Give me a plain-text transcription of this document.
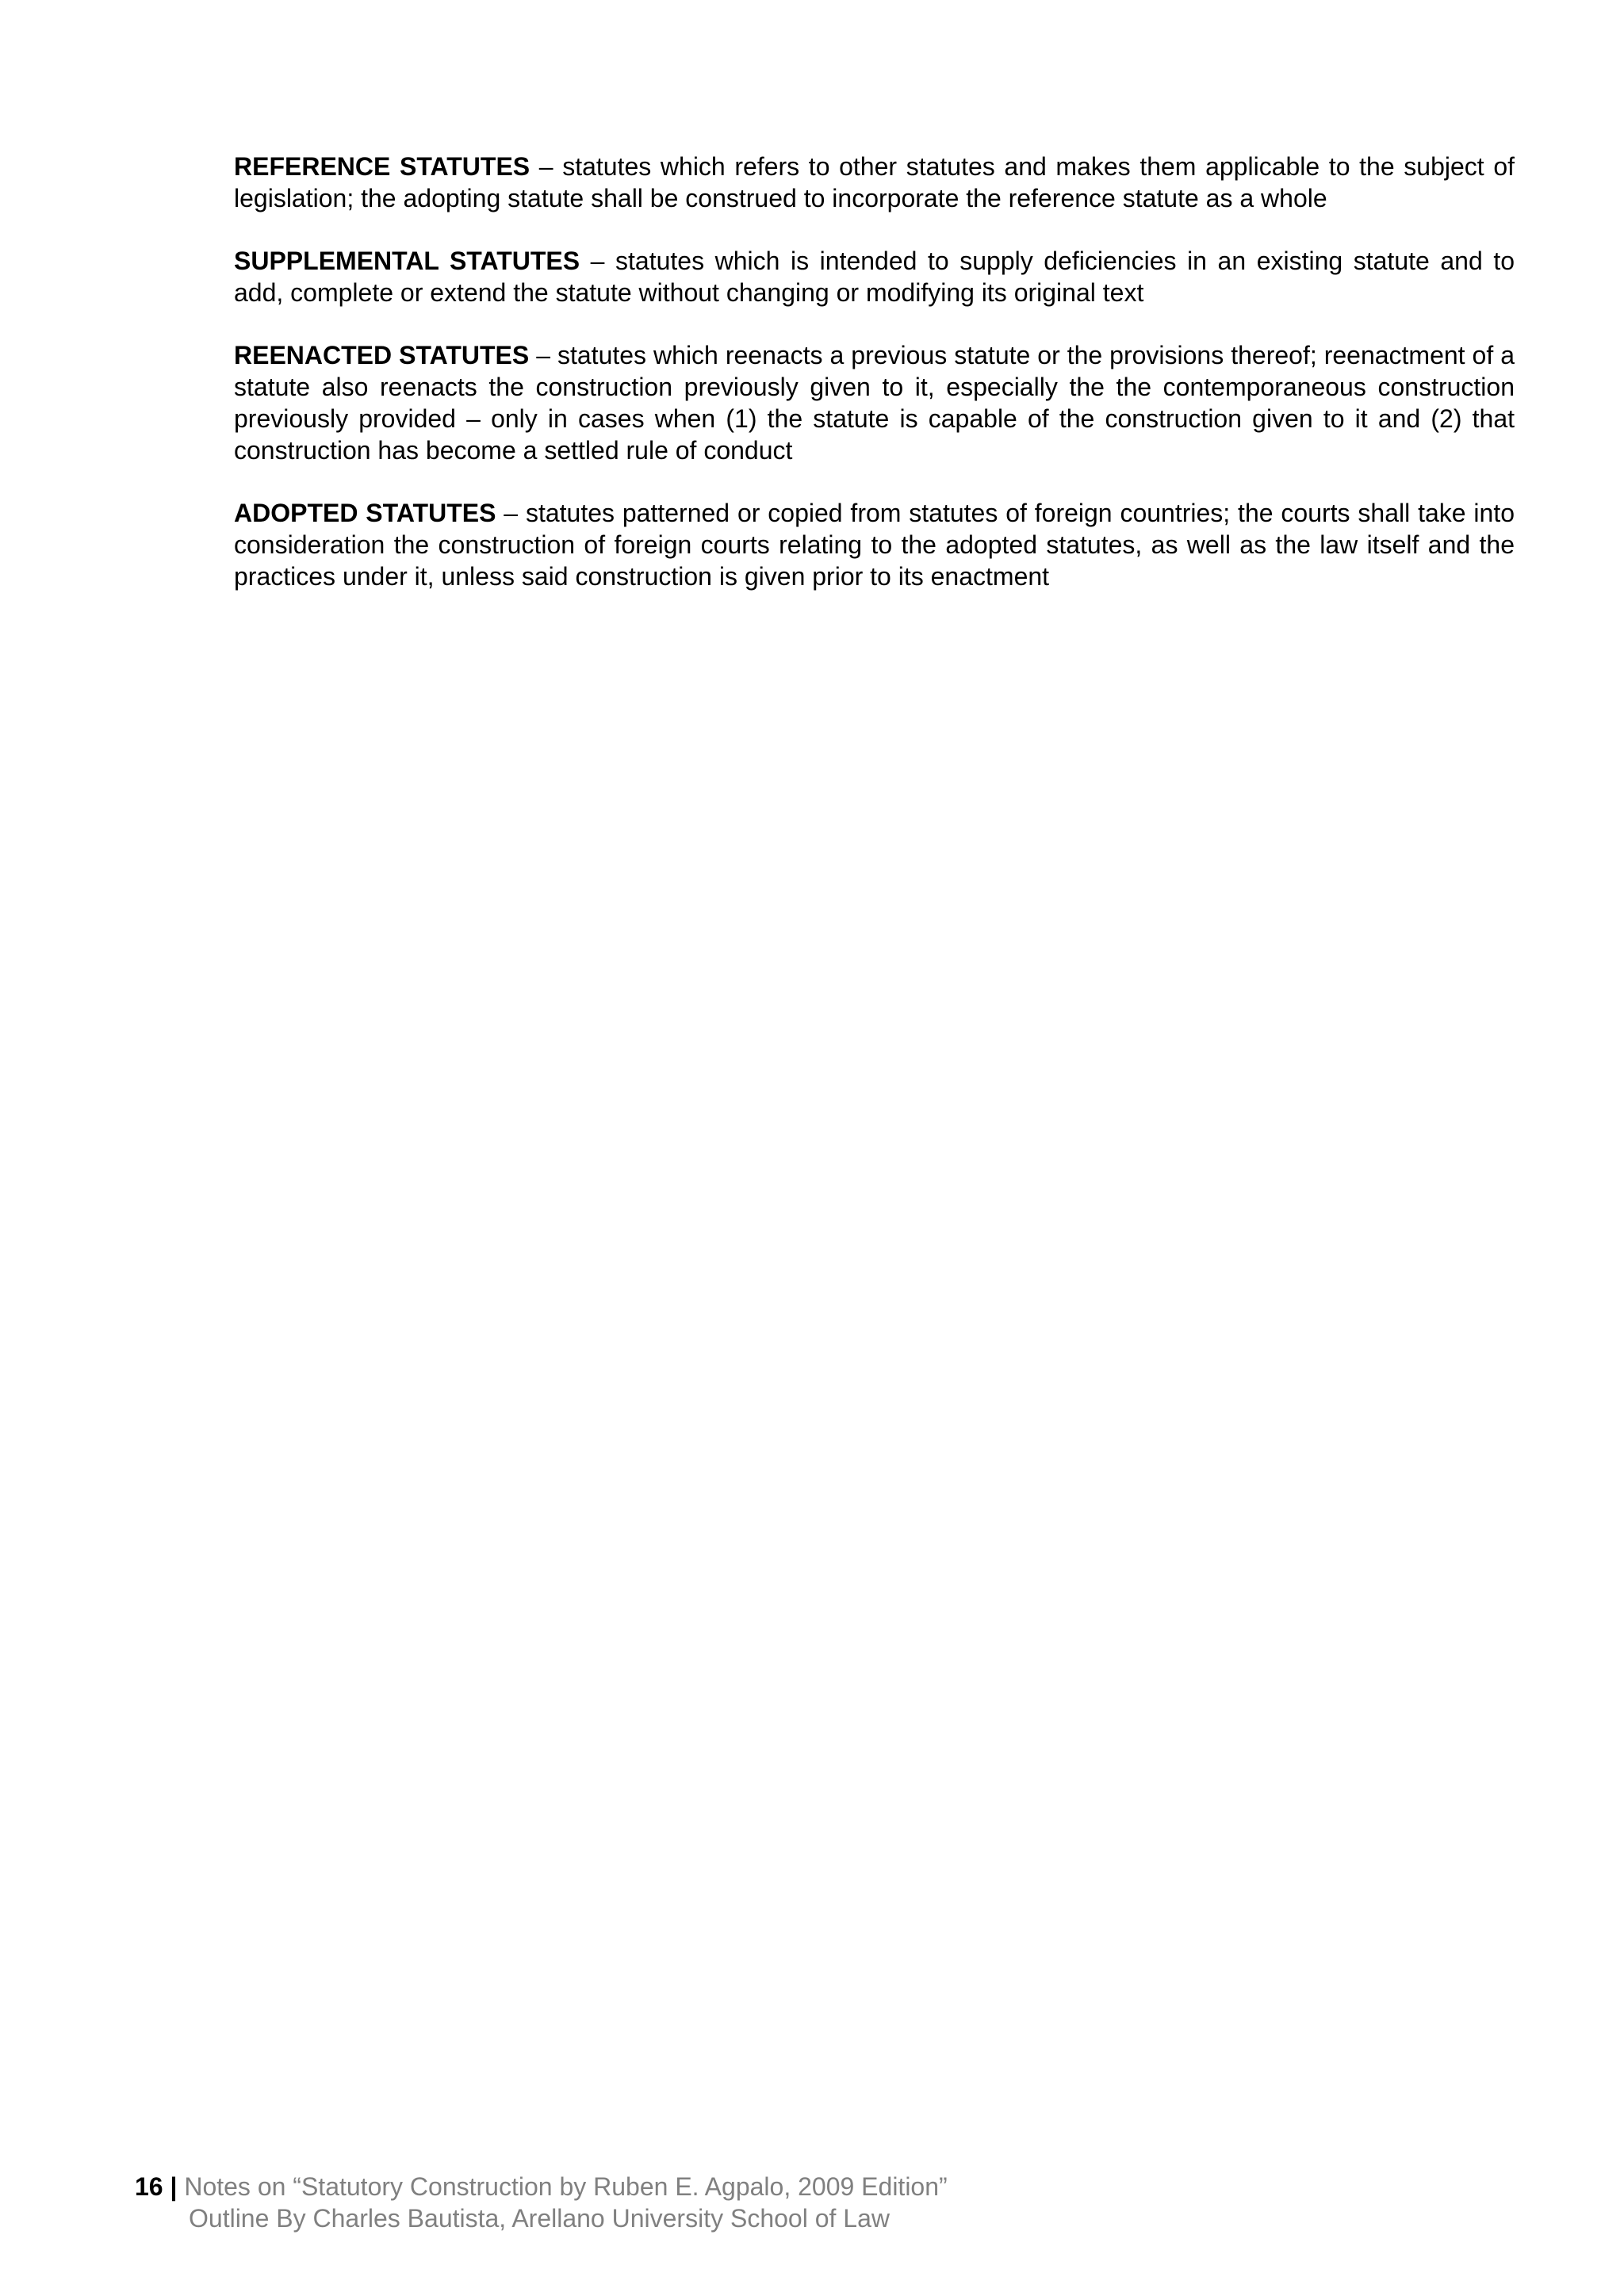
REFERENCE STATUTES – statutes which refers to other statutes and makes them applicable to the subject of legislation; the adopting statute shall be construed to incorporate the reference statute as a whole

SUPPLEMENTAL STATUTES – statutes which is intended to supply deficiencies in an existing statute and to add, complete or extend the statute without changing or modifying its original text

REENACTED STATUTES – statutes which reenacts a previous statute or the provisions thereof; reenactment of a statute also reenacts the construction previously given to it, especially the the contemporaneous construction previously provided – only in cases when (1) the statute is capable of the construction given to it and (2) that construction has become a settled rule of conduct

ADOPTED STATUTES – statutes patterned or copied from statutes of foreign countries; the courts shall take into consideration the construction of foreign courts relating to the adopted statutes, as well as the law itself and the practices under it, unless said construction is given prior to its enactment

16 | Notes on “Statutory Construction by Ruben E. Agpalo, 2009 Edition”
Outline By Charles Bautista, Arellano University School of Law
